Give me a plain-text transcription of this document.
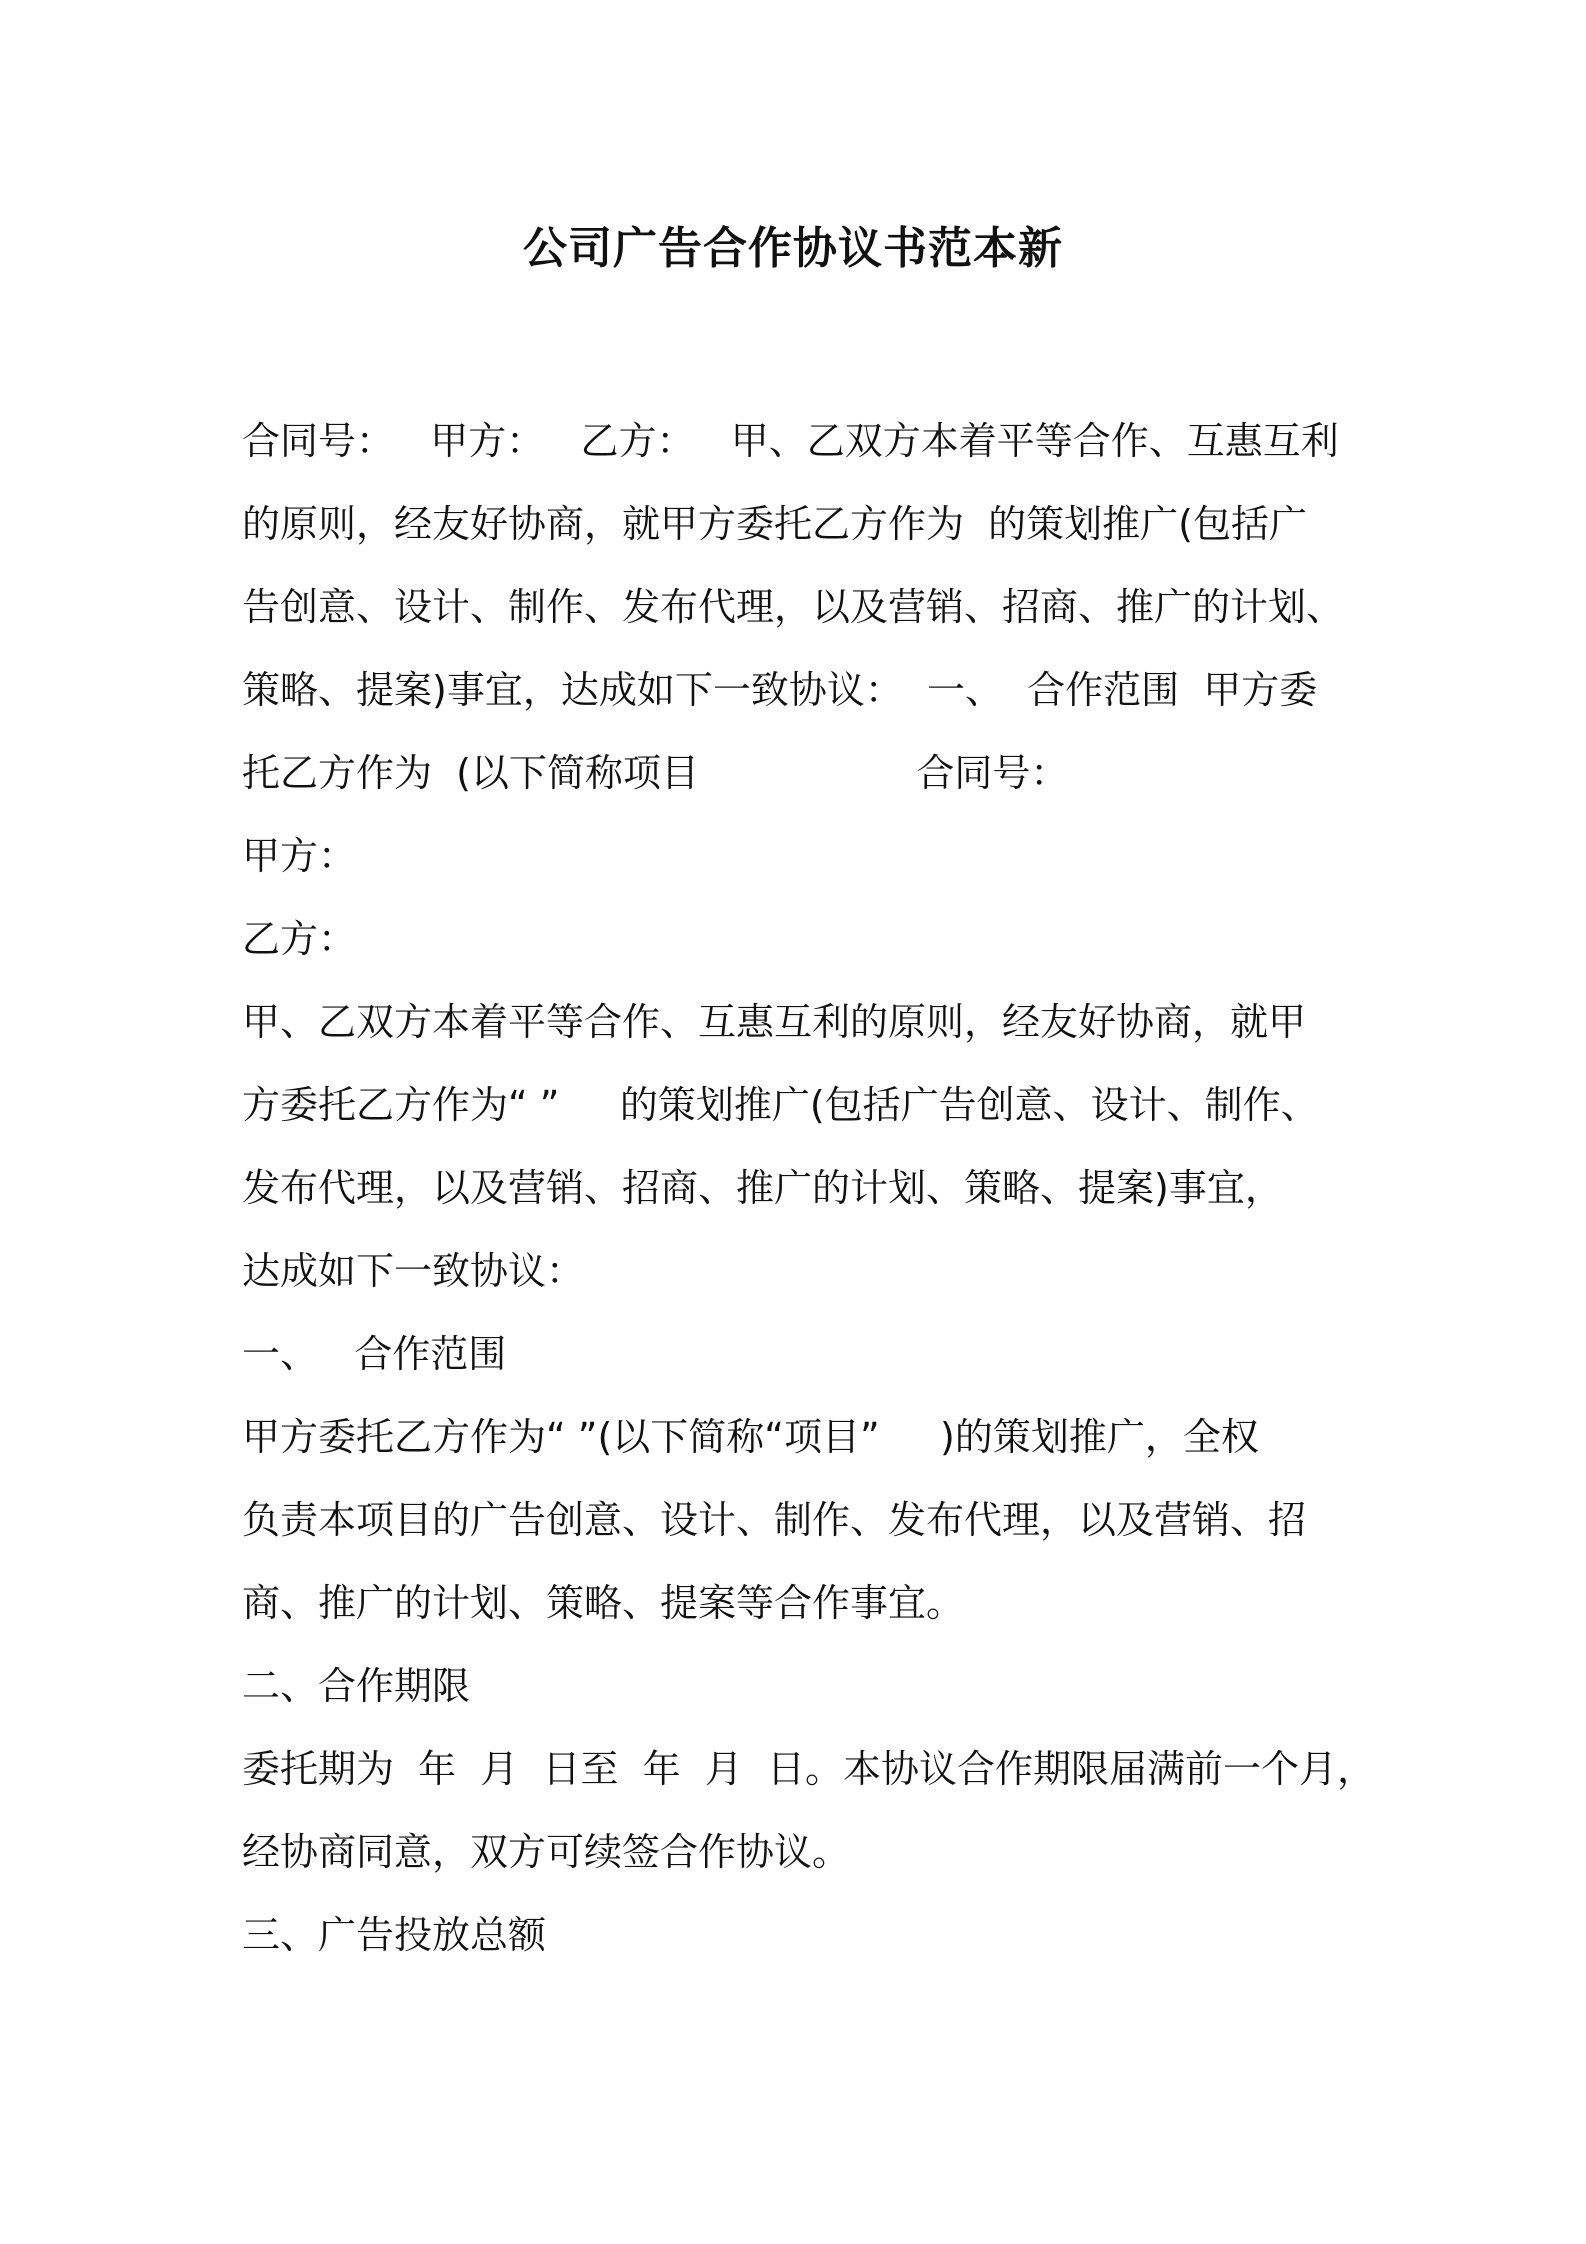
公司广告合作协议书范本新
合同号：   甲方：   乙方：   甲、乙双方本着平等合作、互惠互利
的原则，经友好协商，就甲方委托乙方作为  的策划推广(包括广
告创意、设计、制作、发布代理，以及营销、招商、推广的计划、
策略、提案)事宜，达成如下一致协议：  一、  合作范围  甲方委
托乙方作为  (以下简称项目                  合同号：
甲方：
乙方：
甲、乙双方本着平等合作、互惠互利的原则，经友好协商，就甲
方委托乙方作为“ ”     的策划推广(包括广告创意、设计、制作、
发布代理，以及营销、招商、推广的计划、策略、提案)事宜，
达成如下一致协议：
一、   合作范围
甲方委托乙方作为“ ”(以下简称“项目”     )的策划推广，全权
负责本项目的广告创意、设计、制作、发布代理，以及营销、招
商、推广的计划、策略、提案等合作事宜。
二、合作期限
委托期为  年  月  日至  年  月  日。本协议合作期限届满前一个月，
经协商同意，双方可续签合作协议。
三、广告投放总额
